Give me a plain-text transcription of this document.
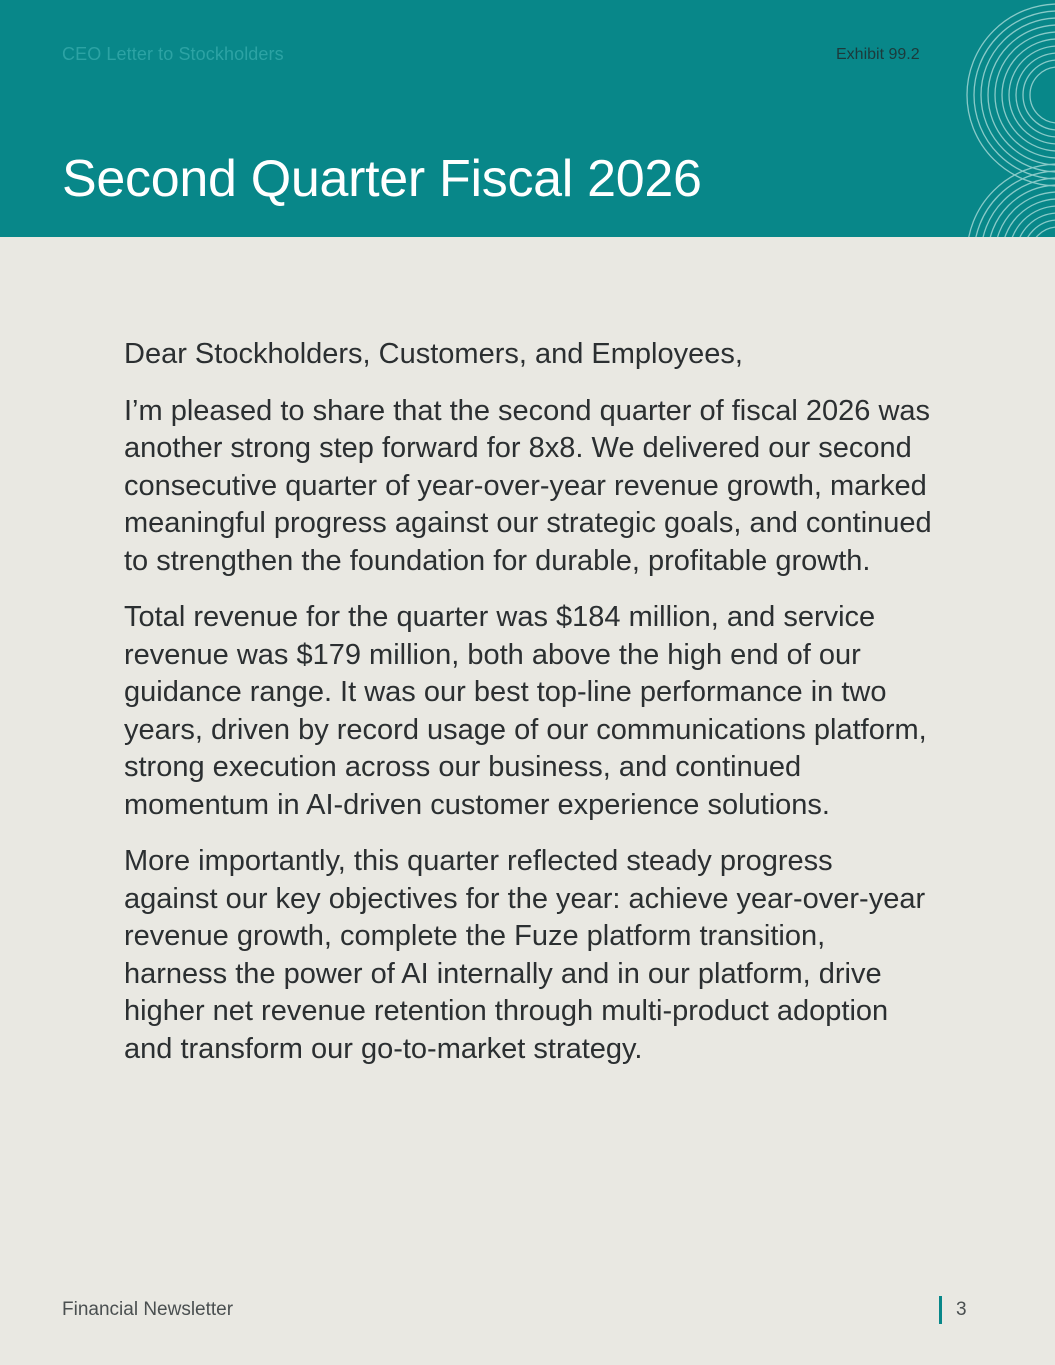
CEO Letter to Stockholders	Exhibit 99.2
Second Quarter Fiscal 2026

Dear Stockholders, Customers, and Employees,

I’m pleased to share that the second quarter of fiscal 2026 was another strong step forward for 8x8. We delivered our second consecutive quarter of year-over-year revenue growth, marked meaningful progress against our strategic goals, and continued to strengthen the foundation for durable, profitable growth.

Total revenue for the quarter was $184 million, and service revenue was $179 million, both above the high end of our guidance range. It was our best top-line performance in two years, driven by record usage of our communications platform, strong execution across our business, and continued momentum in AI-driven customer experience solutions.

More importantly, this quarter reflected steady progress against our key objectives for the year: achieve year-over-year revenue growth, complete the Fuze platform transition, harness the power of AI internally and in our platform, drive higher net revenue retention through multi-product adoption and transform our go-to-market strategy.

Financial Newsletter	3
